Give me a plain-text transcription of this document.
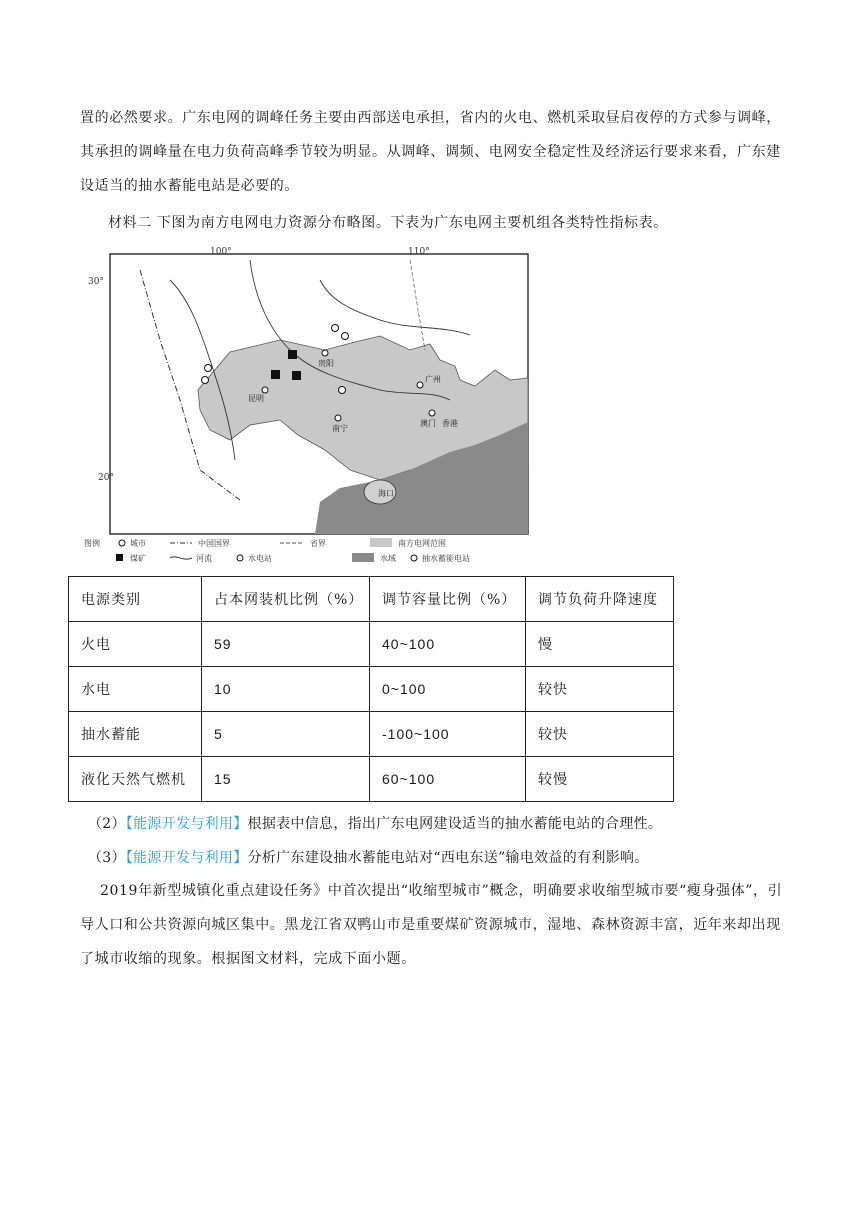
置的必然要求。广东电网的调峰任务主要由西部送电承担，省内的火电、燃机采取昼启夜停的方式参与调峰，其承担的调峰量在电力负荷高峰季节较为明显。从调峰、调频、电网安全稳定性及经济运行要求来看，广东建设适当的抽水蓄能电站是必要的。
材料二 下图为南方电网电力资源分布略图。下表为广东电网主要机组各类特性指标表。
100°	110°
30°
20°
昆明
贵阳
南宁
广州
澳门 香港
海口
图例	城市	中国国界	省界	南方电网范围
煤矿	河流	水电站	水域	抽水蓄能电站
电源类别	占本网装机比例（%）	调节容量比例（%）	调节负荷升降速度
火电	59	40~100	慢
水电	10	0~100	较快
抽水蓄能	5	-100~100	较快
液化天然气燃机	15	60~100	较慢
（2）【能源开发与利用】根据表中信息，指出广东电网建设适当的抽水蓄能电站的合理性。
（3）【能源开发与利用】分析广东建设抽水蓄能电站对“西电东送”输电效益的有利影响。
2019年新型城镇化重点建设任务》中首次提出“收缩型城市”概念，明确要求收缩型城市要“瘦身强体”，引导人口和公共资源向城区集中。黑龙江省双鸭山市是重要煤矿资源城市，湿地、森林资源丰富，近年来却出现了城市收缩的现象。根据图文材料，完成下面小题。
